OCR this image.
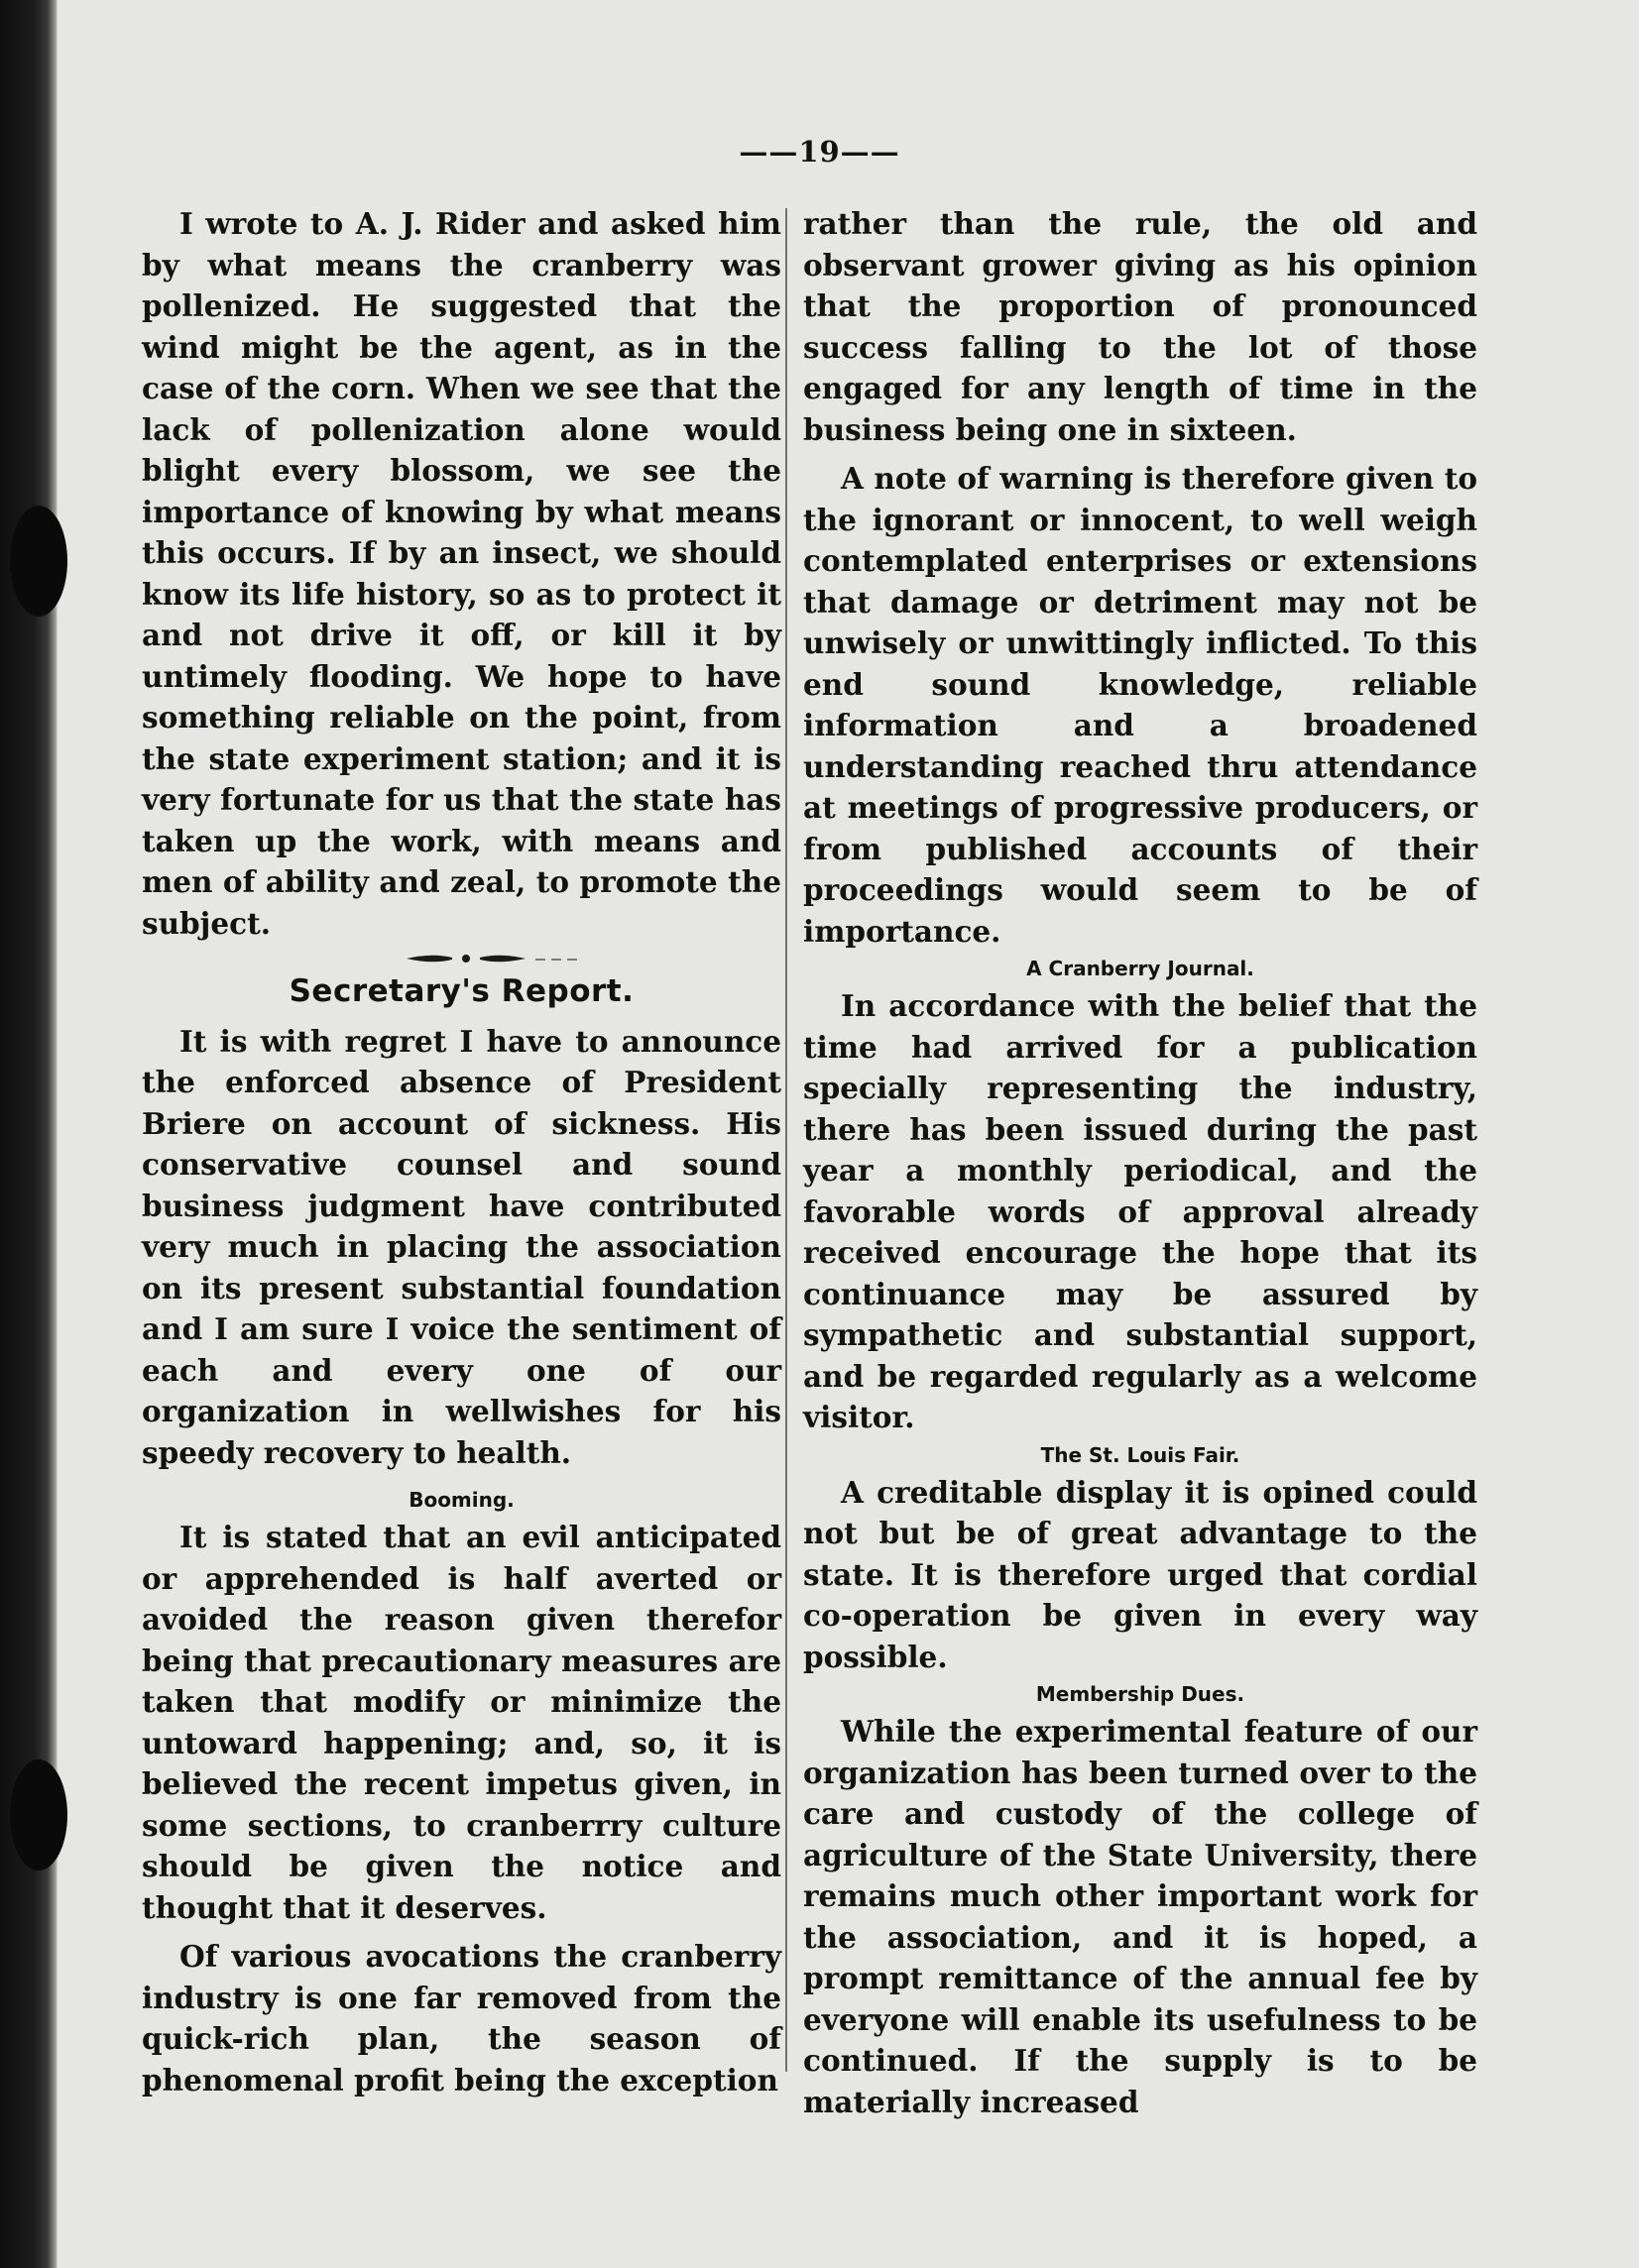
——19——

I wrote to A. J. Rider and asked him by what means the cranberry was pollenized. He suggested that the wind might be the agent, as in the case of the corn. When we see that the lack of pollenization alone would blight every blossom, we see the importance of knowing by what means this occurs. If by an insect, we should know its life history, so as to protect it and not drive it off, or kill it by untimely flooding. We hope to have something reliable on the point, from the state experiment station; and it is very fortunate for us that the state has taken up the work, with means and men of ability and zeal, to promote the subject.

Secretary's Report.

It is with regret I have to announce the enforced absence of President Briere on account of sickness. His conservative counsel and sound business judgment have contributed very much in placing the association on its present substantial foundation and I am sure I voice the sentiment of each and every one of our organization in wellwishes for his speedy recovery to health.

Booming.

It is stated that an evil anticipated or apprehended is half averted or avoided the reason given therefor being that precautionary measures are taken that modify or minimize the untoward happening; and, so, it is believed the recent impetus given, in some sections, to cranberrry culture should be given the notice and thought that it deserves.

Of various avocations the cranberry industry is one far removed from the quick-rich plan, the season of phenomenal profit being the exception

rather than the rule, the old and observant grower giving as his opinion that the proportion of pronounced success falling to the lot of those engaged for any length of time in the business being one in sixteen.

A note of warning is therefore given to the ignorant or innocent, to well weigh contemplated enterprises or extensions that damage or detriment may not be unwisely or unwittingly inflicted. To this end sound knowledge, reliable information and a broadened understanding reached thru attendance at meetings of progressive producers, or from published accounts of their proceedings would seem to be of importance.

A Cranberry Journal.

In accordance with the belief that the time had arrived for a publication specially representing the industry, there has been issued during the past year a monthly periodical, and the favorable words of approval already received encourage the hope that its continuance may be assured by sympathetic and substantial support, and be regarded regularly as a welcome visitor.

The St. Louis Fair.

A creditable display it is opined could not but be of great advantage to the state. It is therefore urged that cordial co-operation be given in every way possible.

Membership Dues.

While the experimental feature of our organization has been turned over to the care and custody of the college of agriculture of the State University, there remains much other important work for the association, and it is hoped, a prompt remittance of the annual fee by everyone will enable its usefulness to be continued. If the supply is to be materially increased
